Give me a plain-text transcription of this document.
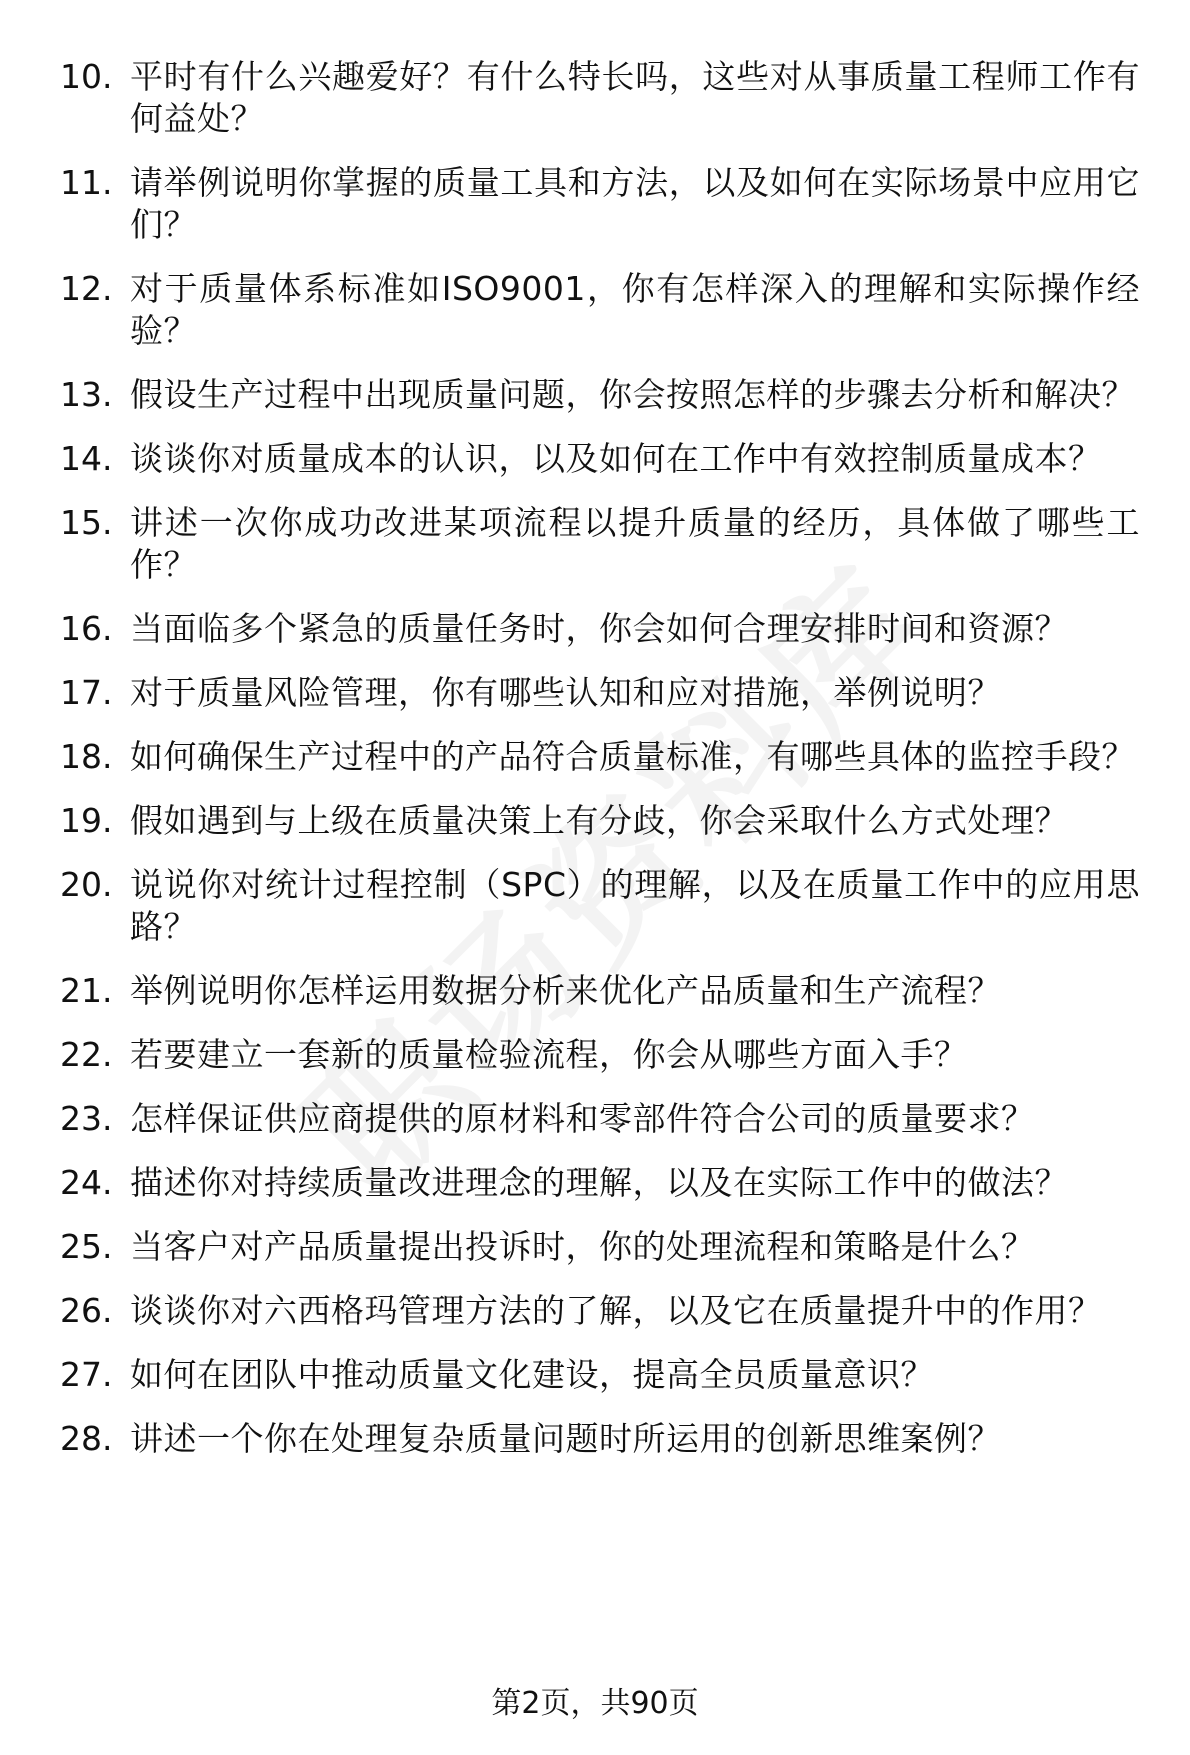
10. 平时有什么兴趣爱好？有什么特长吗，这些对从事质量工程师工作有何益处？
11. 请举例说明你掌握的质量工具和方法，以及如何在实际场景中应用它们？
12. 对于质量体系标准如ISO9001，你有怎样深入的理解和实际操作经验？
13. 假设生产过程中出现质量问题，你会按照怎样的步骤去分析和解决？
14. 谈谈你对质量成本的认识，以及如何在工作中有效控制质量成本？
15. 讲述一次你成功改进某项流程以提升质量的经历，具体做了哪些工作？
16. 当面临多个紧急的质量任务时，你会如何合理安排时间和资源？
17. 对于质量风险管理，你有哪些认知和应对措施，举例说明？
18. 如何确保生产过程中的产品符合质量标准，有哪些具体的监控手段？
19. 假如遇到与上级在质量决策上有分歧，你会采取什么方式处理？
20. 说说你对统计过程控制（SPC）的理解，以及在质量工作中的应用思路？
21. 举例说明你怎样运用数据分析来优化产品质量和生产流程？
22. 若要建立一套新的质量检验流程，你会从哪些方面入手？
23. 怎样保证供应商提供的原材料和零部件符合公司的质量要求？
24. 描述你对持续质量改进理念的理解，以及在实际工作中的做法？
25. 当客户对产品质量提出投诉时，你的处理流程和策略是什么？
26. 谈谈你对六西格玛管理方法的了解，以及它在质量提升中的作用？
27. 如何在团队中推动质量文化建设，提高全员质量意识？
28. 讲述一个你在处理复杂质量问题时所运用的创新思维案例？
第2页，共90页
